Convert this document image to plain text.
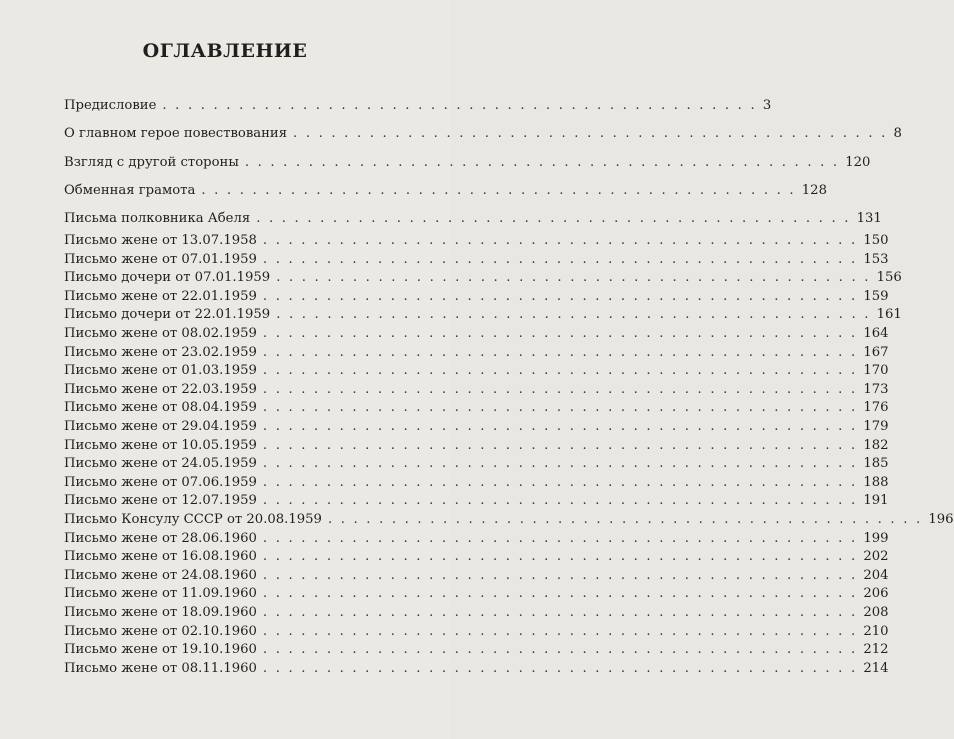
ОГЛАВЛЕНИЕ
Предисловие . . . . . . . . . . . . . . . . . . . . . . . . . . . . . . . . . . . . . . . . . . . . . . . 3
О главном герое повествования . . . . . . . . . . . . . . . . . . . . . . . . . . . . . . . . . . . . . . . . . . . . . . . 8
Взгляд с другой стороны . . . . . . . . . . . . . . . . . . . . . . . . . . . . . . . . . . . . . . . . . . . . . . . 120
Обменная грамота . . . . . . . . . . . . . . . . . . . . . . . . . . . . . . . . . . . . . . . . . . . . . . . 128
Письма полковника Абеля . . . . . . . . . . . . . . . . . . . . . . . . . . . . . . . . . . . . . . . . . . . . . . . 131
Письмо жене от 13.07.1958 . . . . . . . . . . . . . . . . . . . . . . . . . . . . . . . . . . . . . . . . . . . . . . . 150
Письмо жене от 07.01.1959 . . . . . . . . . . . . . . . . . . . . . . . . . . . . . . . . . . . . . . . . . . . . . . . 153
Письмо дочери от 07.01.1959 . . . . . . . . . . . . . . . . . . . . . . . . . . . . . . . . . . . . . . . . . . . . . . . 156
Письмо жене от 22.01.1959 . . . . . . . . . . . . . . . . . . . . . . . . . . . . . . . . . . . . . . . . . . . . . . . 159
Письмо дочери от 22.01.1959 . . . . . . . . . . . . . . . . . . . . . . . . . . . . . . . . . . . . . . . . . . . . . . . 161
Письмо жене от 08.02.1959 . . . . . . . . . . . . . . . . . . . . . . . . . . . . . . . . . . . . . . . . . . . . . . . 164
Письмо жене от 23.02.1959 . . . . . . . . . . . . . . . . . . . . . . . . . . . . . . . . . . . . . . . . . . . . . . . 167
Письмо жене от 01.03.1959 . . . . . . . . . . . . . . . . . . . . . . . . . . . . . . . . . . . . . . . . . . . . . . . 170
Письмо жене от 22.03.1959 . . . . . . . . . . . . . . . . . . . . . . . . . . . . . . . . . . . . . . . . . . . . . . . 173
Письмо жене от 08.04.1959 . . . . . . . . . . . . . . . . . . . . . . . . . . . . . . . . . . . . . . . . . . . . . . . 176
Письмо жене от 29.04.1959 . . . . . . . . . . . . . . . . . . . . . . . . . . . . . . . . . . . . . . . . . . . . . . . 179
Письмо жене от 10.05.1959 . . . . . . . . . . . . . . . . . . . . . . . . . . . . . . . . . . . . . . . . . . . . . . . 182
Письмо жене от 24.05.1959 . . . . . . . . . . . . . . . . . . . . . . . . . . . . . . . . . . . . . . . . . . . . . . . 185
Письмо жене от 07.06.1959 . . . . . . . . . . . . . . . . . . . . . . . . . . . . . . . . . . . . . . . . . . . . . . . 188
Письмо жене от 12.07.1959 . . . . . . . . . . . . . . . . . . . . . . . . . . . . . . . . . . . . . . . . . . . . . . . 191
Письмо Консулу СССР от 20.08.1959 . . . . . . . . . . . . . . . . . . . . . . . . . . . . . . . . . . . . . . . . . . . . . . . 196
Письмо жене от 28.06.1960 . . . . . . . . . . . . . . . . . . . . . . . . . . . . . . . . . . . . . . . . . . . . . . . 199
Письмо жене от 16.08.1960 . . . . . . . . . . . . . . . . . . . . . . . . . . . . . . . . . . . . . . . . . . . . . . . 202
Письмо жене от 24.08.1960 . . . . . . . . . . . . . . . . . . . . . . . . . . . . . . . . . . . . . . . . . . . . . . . 204
Письмо жене от 11.09.1960 . . . . . . . . . . . . . . . . . . . . . . . . . . . . . . . . . . . . . . . . . . . . . . . 206
Письмо жене от 18.09.1960 . . . . . . . . . . . . . . . . . . . . . . . . . . . . . . . . . . . . . . . . . . . . . . . 208
Письмо жене от 02.10.1960 . . . . . . . . . . . . . . . . . . . . . . . . . . . . . . . . . . . . . . . . . . . . . . . 210
Письмо жене от 19.10.1960 . . . . . . . . . . . . . . . . . . . . . . . . . . . . . . . . . . . . . . . . . . . . . . . 212
Письмо жене от 08.11.1960 . . . . . . . . . . . . . . . . . . . . . . . . . . . . . . . . . . . . . . . . . . . . . . . 214
